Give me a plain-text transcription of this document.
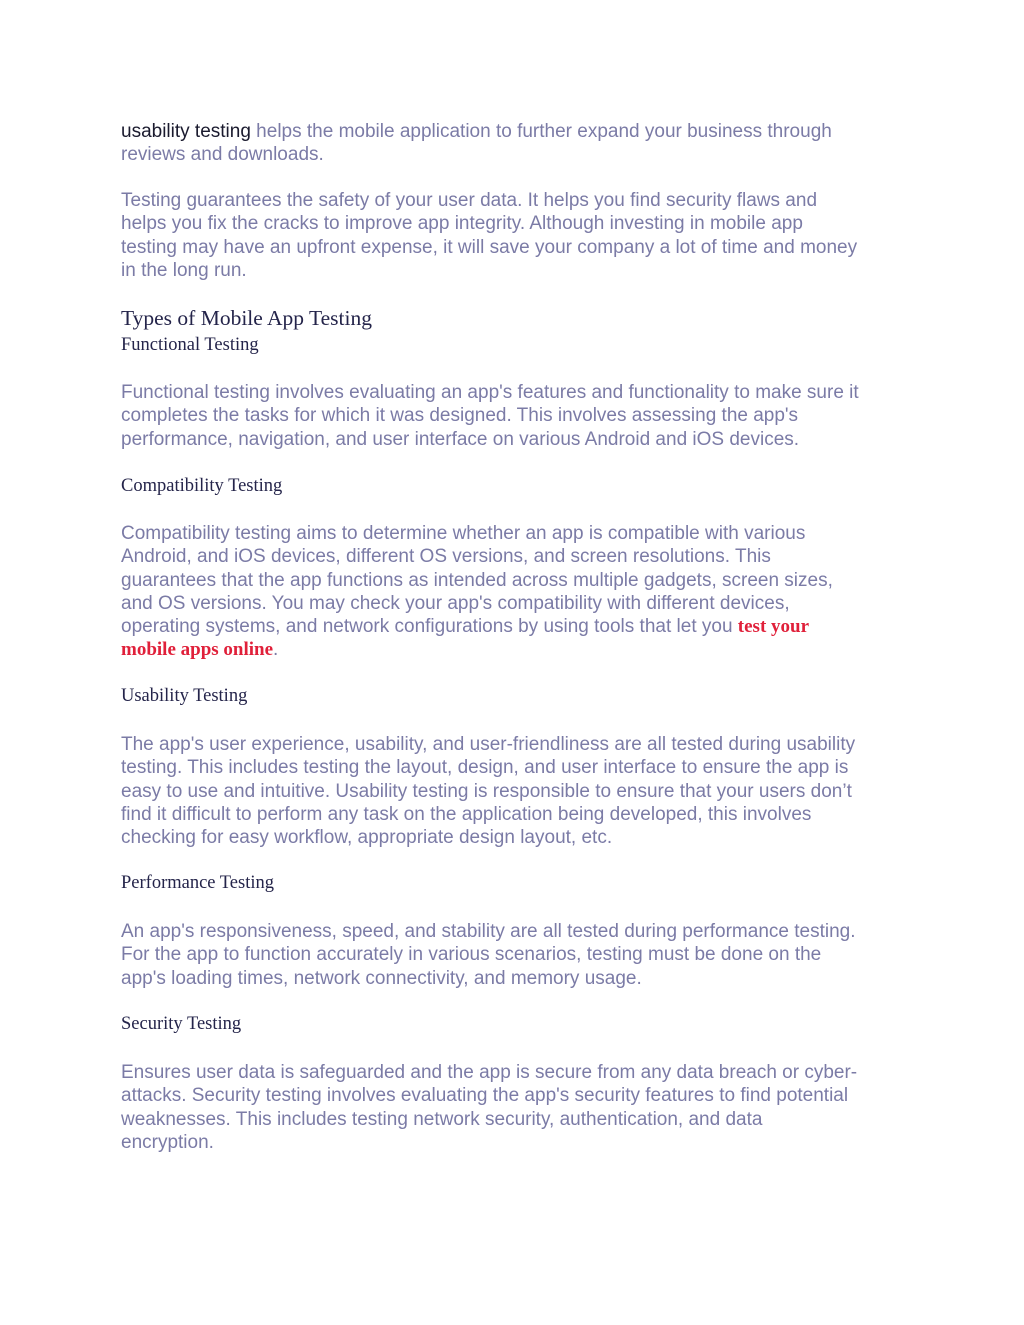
usability testing helps the mobile application to further expand your business through
reviews and downloads.

Testing guarantees the safety of your user data. It helps you find security flaws and
helps you fix the cracks to improve app integrity. Although investing in mobile app
testing may have an upfront expense, it will save your company a lot of time and money
in the long run.

Types of Mobile App Testing
Functional Testing

Functional testing involves evaluating an app's features and functionality to make sure it
completes the tasks for which it was designed. This involves assessing the app's
performance, navigation, and user interface on various Android and iOS devices.

Compatibility Testing

Compatibility testing aims to determine whether an app is compatible with various
Android, and iOS devices, different OS versions, and screen resolutions. This
guarantees that the app functions as intended across multiple gadgets, screen sizes,
and OS versions. You may check your app's compatibility with different devices,
operating systems, and network configurations by using tools that let you test your
mobile apps online.

Usability Testing

The app's user experience, usability, and user-friendliness are all tested during usability
testing. This includes testing the layout, design, and user interface to ensure the app is
easy to use and intuitive. Usability testing is responsible to ensure that your users don’t
find it difficult to perform any task on the application being developed, this involves
checking for easy workflow, appropriate design layout, etc.

Performance Testing

An app's responsiveness, speed, and stability are all tested during performance testing.
For the app to function accurately in various scenarios, testing must be done on the
app's loading times, network connectivity, and memory usage.

Security Testing

Ensures user data is safeguarded and the app is secure from any data breach or cyber-
attacks. Security testing involves evaluating the app's security features to find potential
weaknesses. This includes testing network security, authentication, and data
encryption.
